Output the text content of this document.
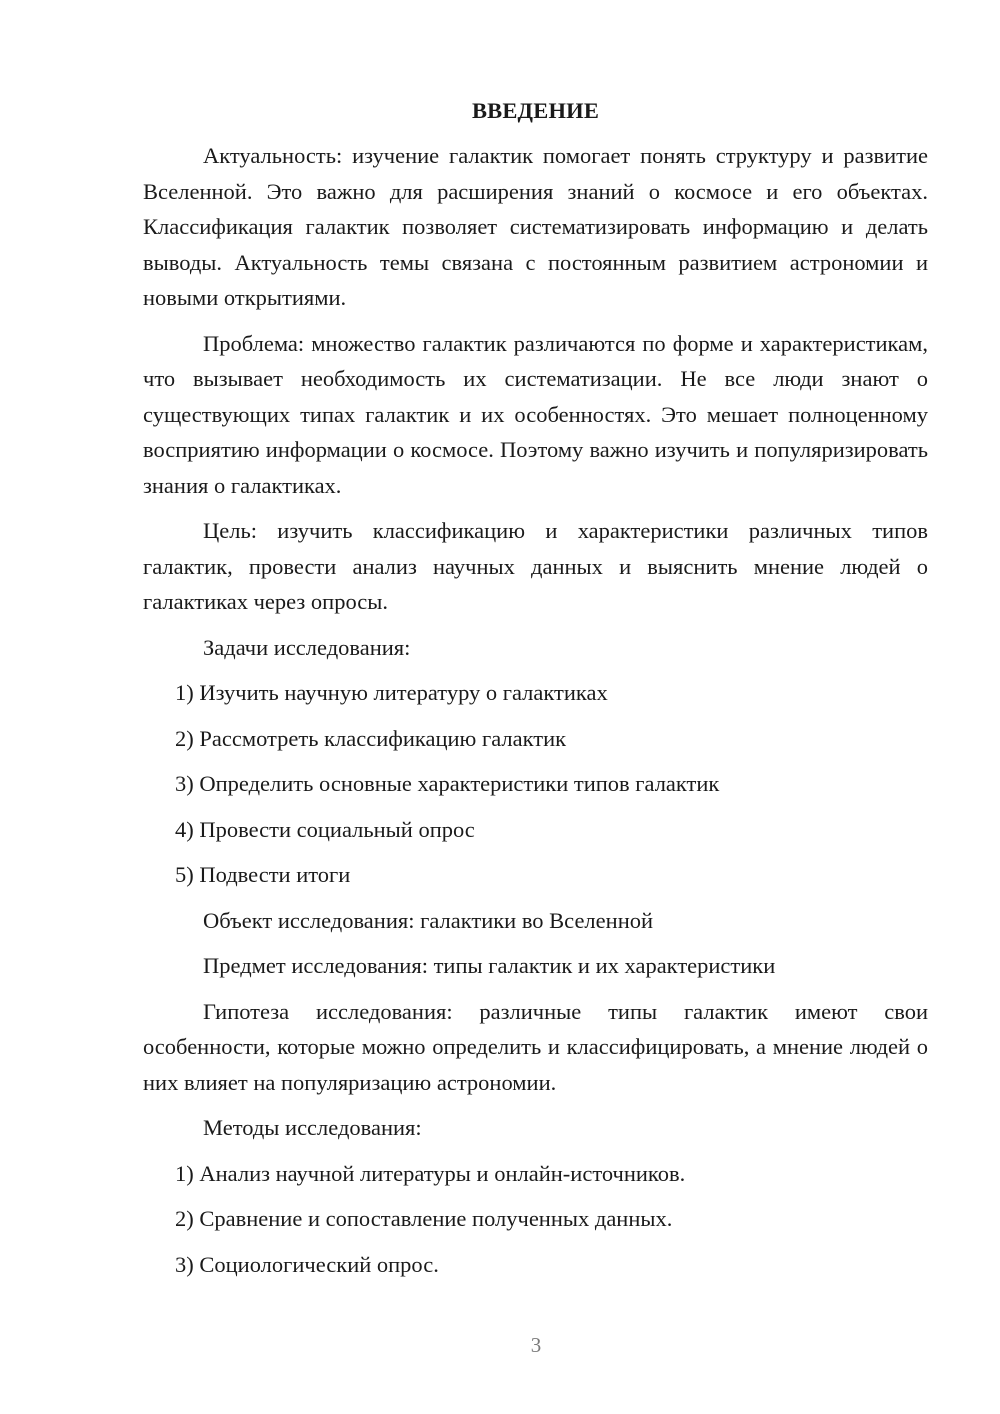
ВВЕДЕНИЕ

Актуальность: изучение галактик помогает понять структуру и развитие Вселенной. Это важно для расширения знаний о космосе и его объектах. Классификация галактик позволяет систематизировать информацию и делать выводы. Актуальность темы связана с постоянным развитием астрономии и новыми открытиями.

Проблема: множество галактик различаются по форме и характеристикам, что вызывает необходимость их систематизации. Не все люди знают о существующих типах галактик и их особенностях. Это мешает полноценному восприятию информации о космосе. Поэтому важно изучить и популяризировать знания о галактиках.

Цель: изучить классификацию и характеристики различных типов галактик, провести анализ научных данных и выяснить мнение людей о галактиках через опросы.

Задачи исследования:
1) Изучить научную литературу о галактиках
2) Рассмотреть классификацию галактик
3) Определить основные характеристики типов галактик
4) Провести социальный опрос
5) Подвести итоги
Объект исследования: галактики во Вселенной
Предмет исследования: типы галактик и их характеристики

Гипотеза исследования: различные типы галактик имеют свои особенности, которые можно определить и классифицировать, а мнение людей о них влияет на популяризацию астрономии.

Методы исследования:
1) Анализ научной литературы и онлайн-источников.
2) Сравнение и сопоставление полученных данных.
3) Социологический опрос.
3
